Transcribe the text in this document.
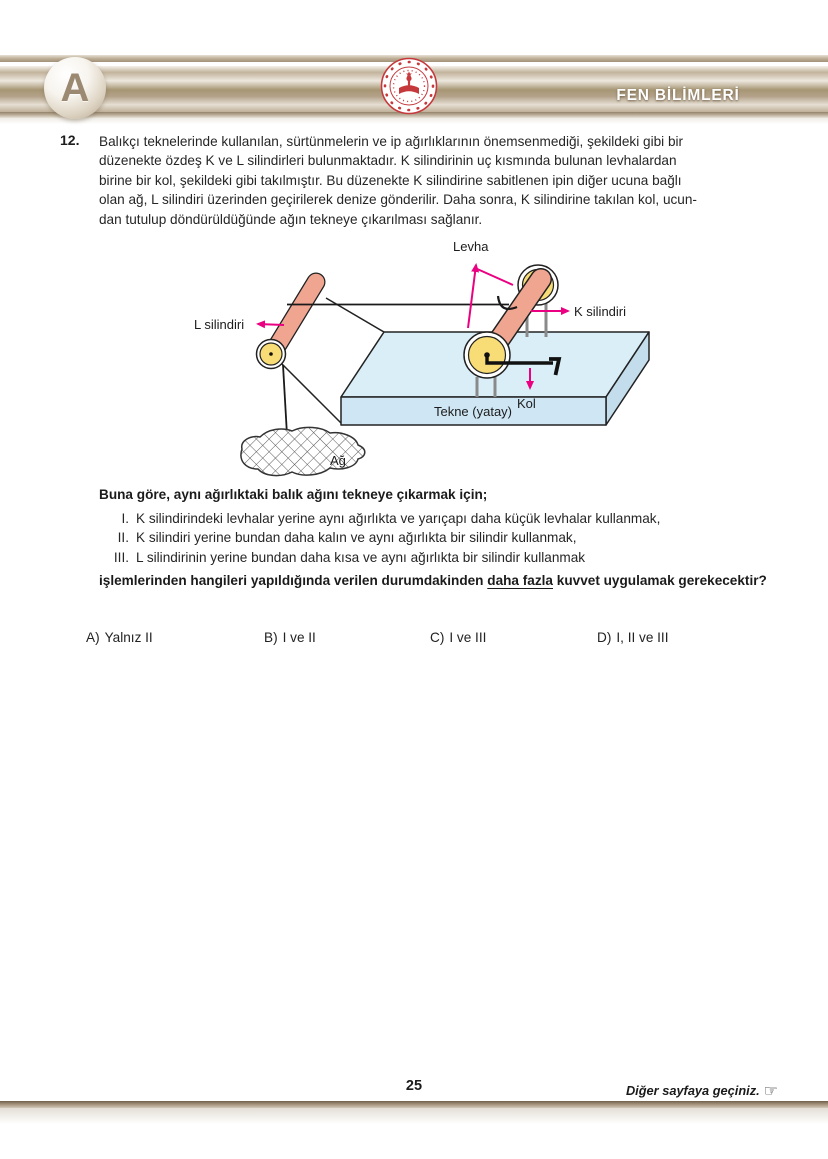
A	FEN BİLİMLERİ
12. Balıkçı teknelerinde kullanılan, sürtünmelerin ve ip ağırlıklarının önemsenmediği, şekildeki gibi bir
düzenekte özdeş K ve L silindirleri bulunmaktadır. K silindirinin uç kısmında bulunan levhalardan
birine bir kol, şekildeki gibi takılmıştır. Bu düzenekte K silindirine sabitlenen ipin diğer ucuna bağlı
olan ağ, L silindiri üzerinden geçirilerek denize gönderilir. Daha sonra, K silindirine takılan kol, ucun-
dan tutulup döndürüldüğünde ağın tekneye çıkarılması sağlanır.
Tekne (yatay)
Ağ
Levha
K silindiri
L silindiri
Kol
Buna göre, aynı ağırlıktaki balık ağını tekneye çıkarmak için;
I. K silindirindeki levhalar yerine aynı ağırlıkta ve yarıçapı daha küçük levhalar kullanmak,
II. K silindiri yerine bundan daha kalın ve aynı ağırlıkta bir silindir kullanmak,
III. L silindirinin yerine bundan daha kısa ve aynı ağırlıkta bir silindir kullanmak
işlemlerinden hangileri yapıldığında verilen durumdakinden daha fazla kuvvet uygulamak gerekecektir?
A) Yalnız II	B) I ve II	C) I ve III	D) I, II ve III
25	Diğer sayfaya geçiniz. ☞
